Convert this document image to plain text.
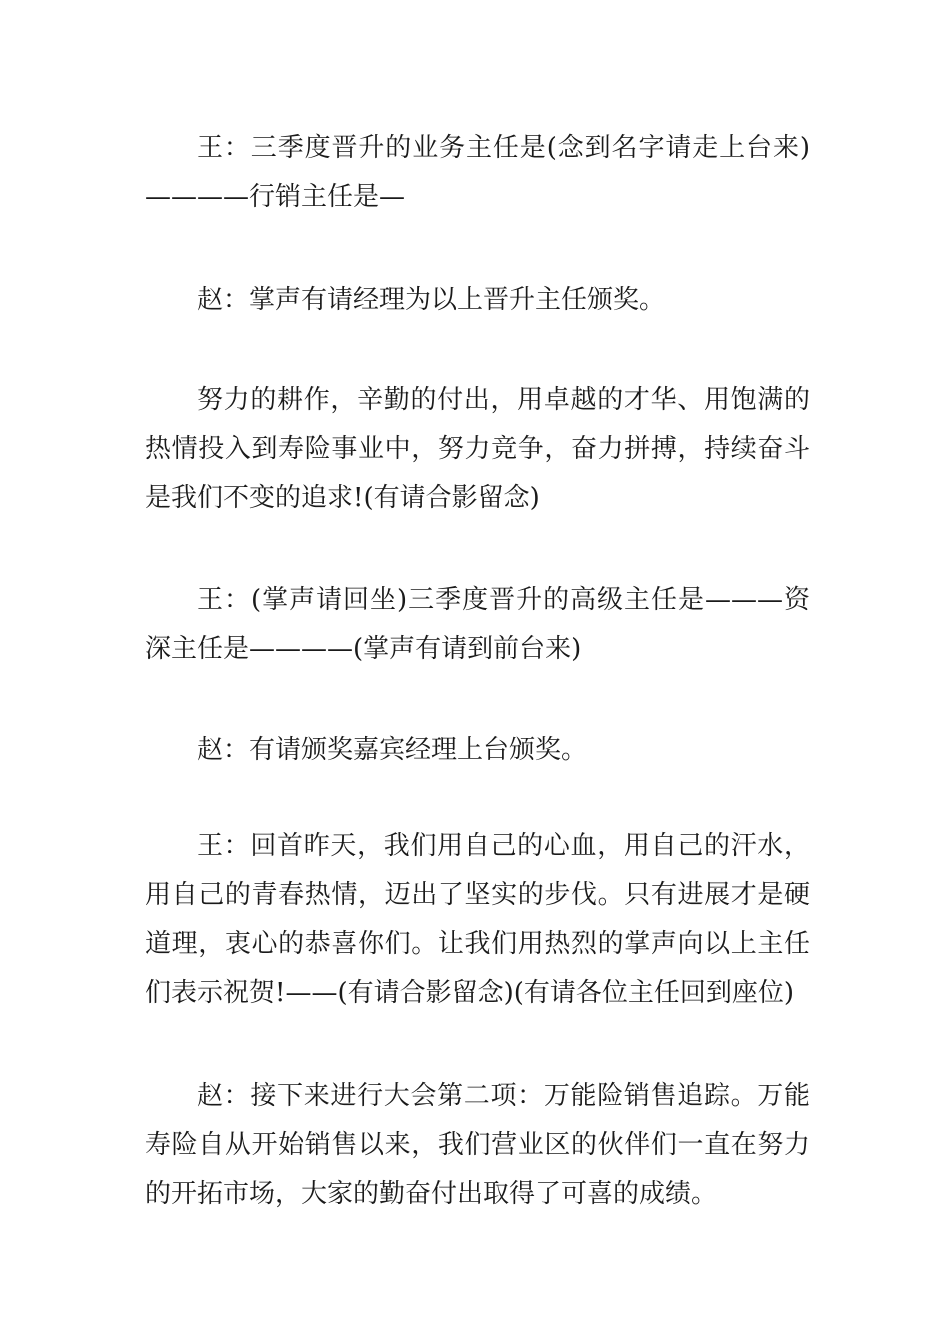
王：三季度晋升的业务主任是(念到名字请走上台来)————行销主任是—

赵：掌声有请经理为以上晋升主任颁奖。

努力的耕作，辛勤的付出，用卓越的才华、用饱满的热情投入到寿险事业中，努力竞争，奋力拼搏，持续奋斗是我们不变的追求!(有请合影留念)

王：(掌声请回坐)三季度晋升的高级主任是———资深主任是————(掌声有请到前台来)

赵：有请颁奖嘉宾经理上台颁奖。

王：回首昨天，我们用自己的心血，用自己的汗水，用自己的青春热情，迈出了坚实的步伐。只有进展才是硬道理，衷心的恭喜你们。让我们用热烈的掌声向以上主任们表示祝贺!——(有请合影留念)(有请各位主任回到座位)

赵：接下来进行大会第二项：万能险销售追踪。万能寿险自从开始销售以来，我们营业区的伙伴们一直在努力的开拓市场，大家的勤奋付出取得了可喜的成绩。
